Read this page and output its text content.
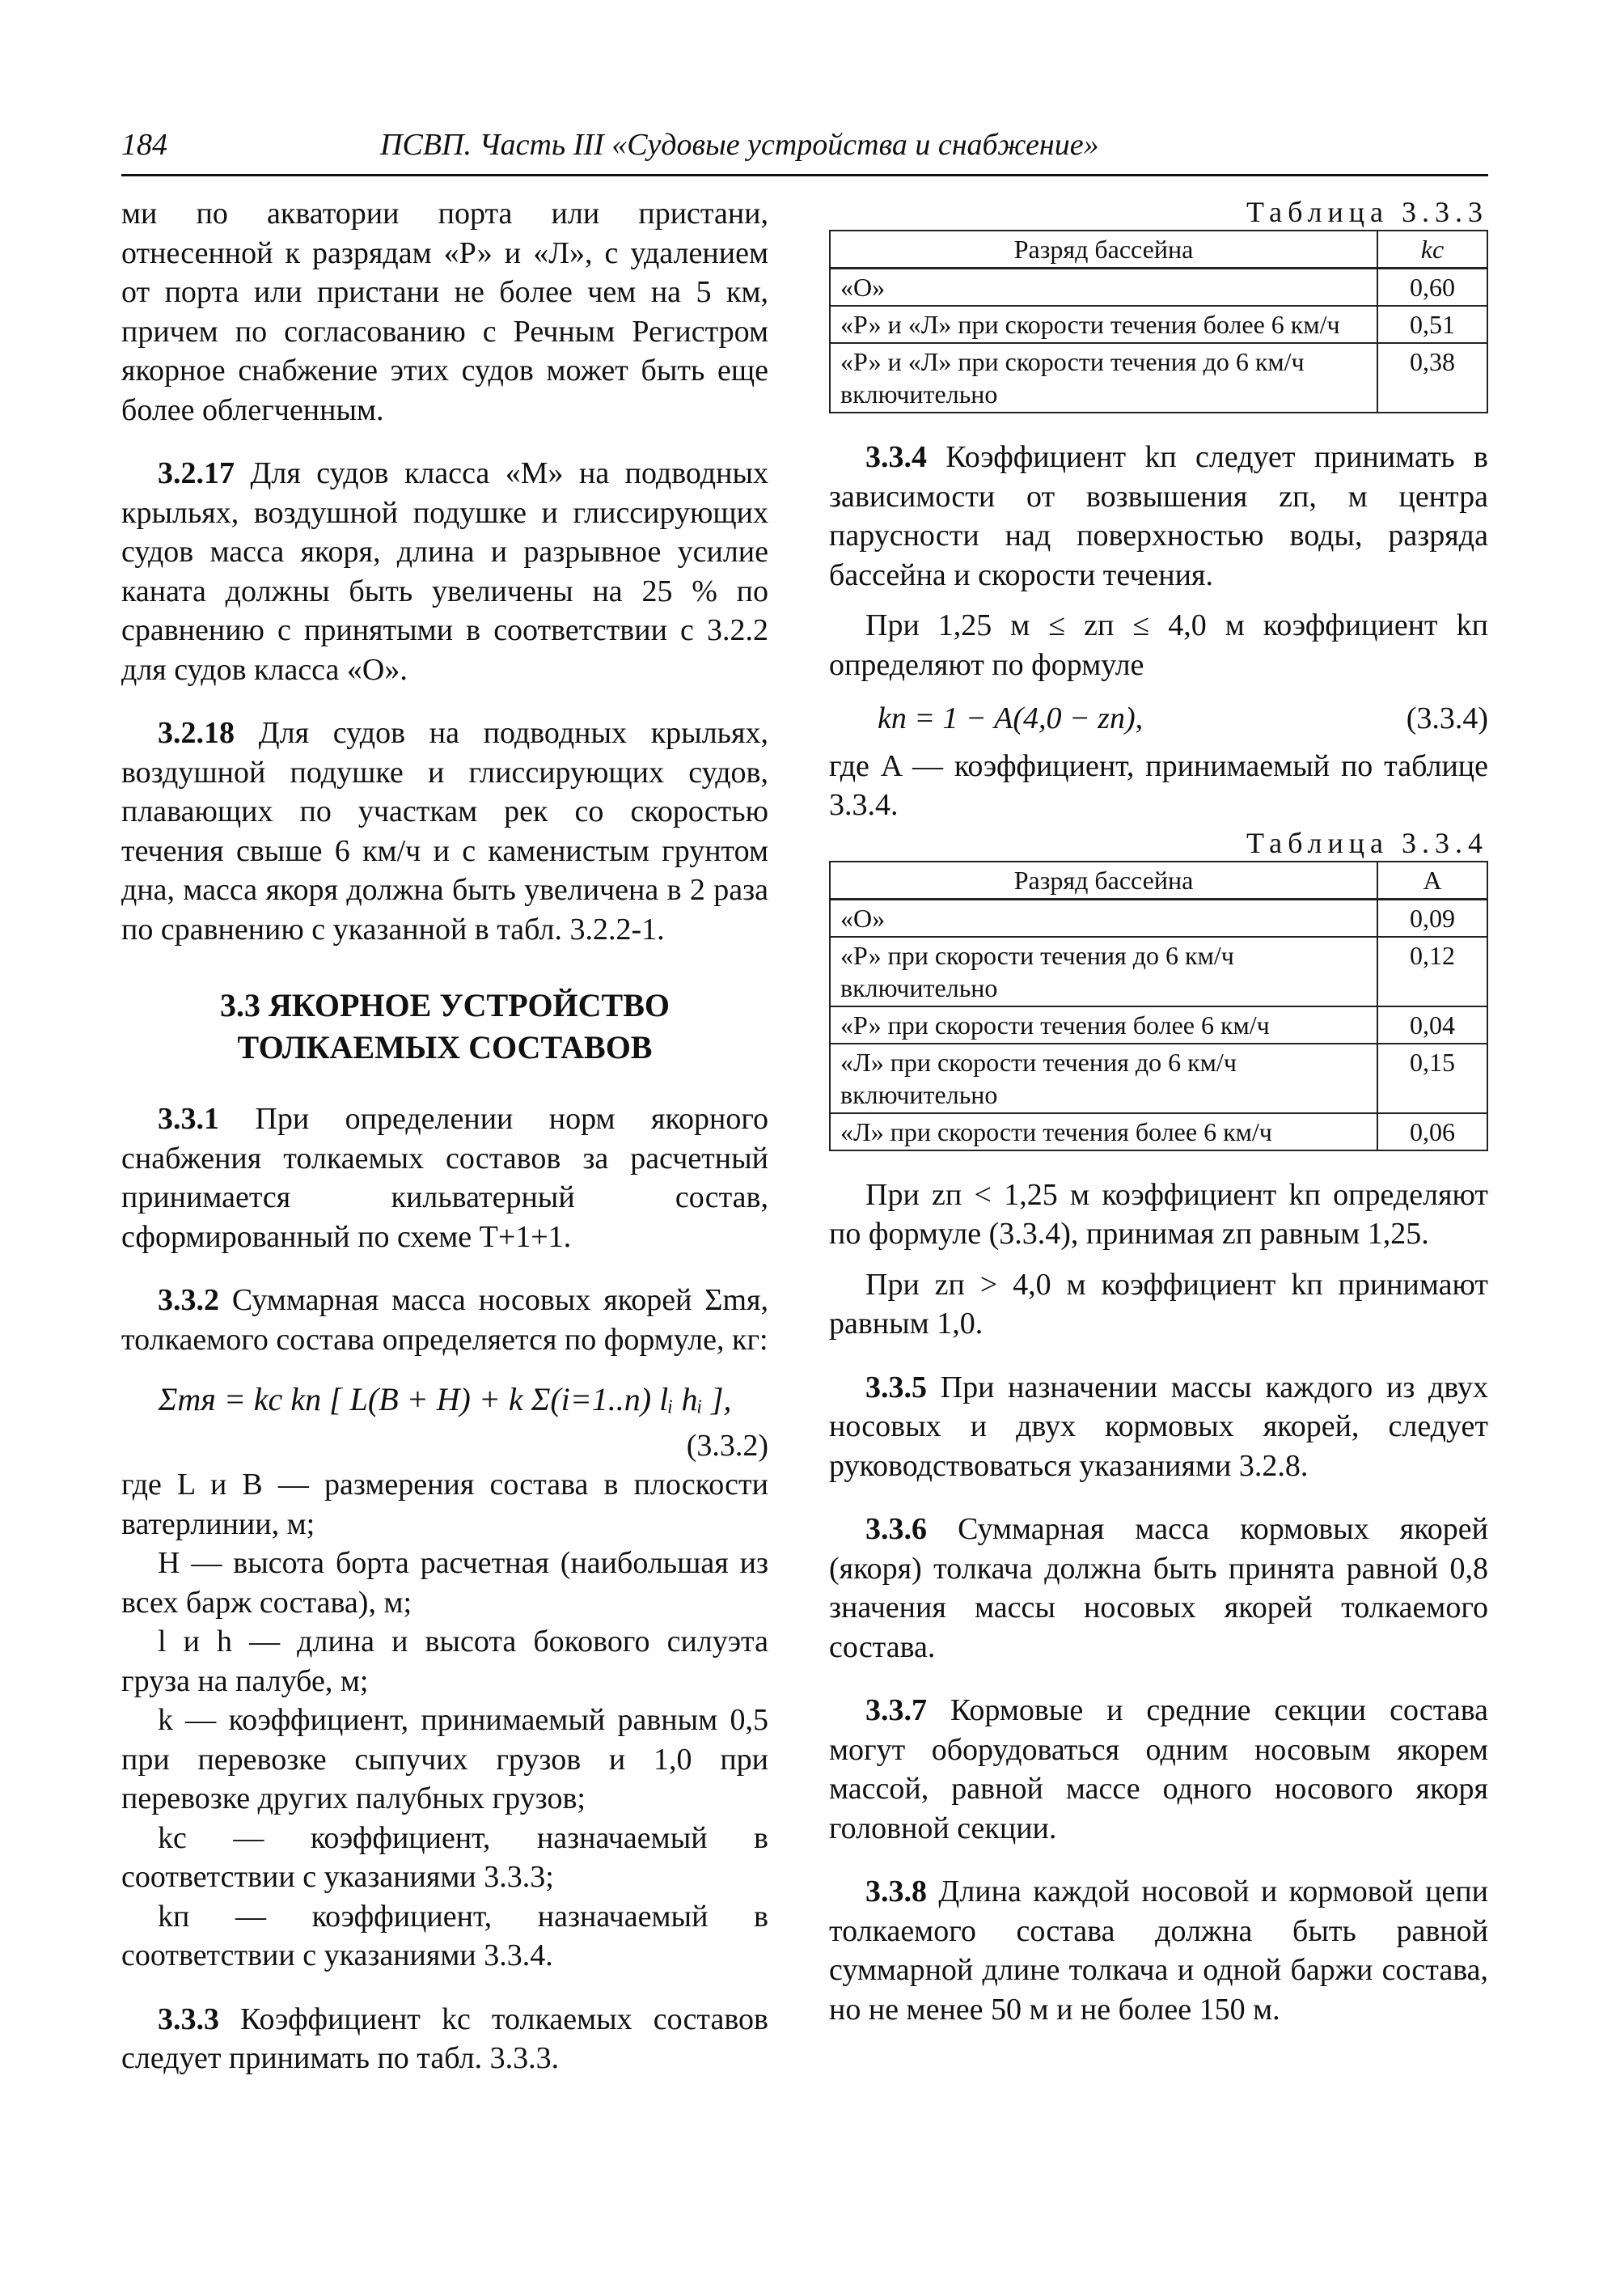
184	ПСВП. Часть III «Судовые устройства и снабжение»

ми по акватории порта или пристани, отнесенной к разрядам «Р» и «Л», с удалением от порта или пристани не более чем на 5 км, причем по согласованию с Речным Регистром якорное снабжение этих судов может быть еще более облегченным.

3.2.17 Для судов класса «М» на подводных крыльях, воздушной подушке и глиссирующих судов масса якоря, длина и разрывное усилие каната должны быть увеличены на 25 % по сравнению с принятыми в соответствии с 3.2.2 для судов класса «О».

3.2.18 Для судов на подводных крыльях, воздушной подушке и глиссирующих судов, плавающих по участкам рек со скоростью течения свыше 6 км/ч и с каменистым грунтом дна, масса якоря должна быть увеличена в 2 раза по сравнению с указанной в табл. 3.2.2-1.

3.3 ЯКОРНОЕ УСТРОЙСТВО
ТОЛКАЕМЫХ СОСТАВОВ

3.3.1 При определении норм якорного снабжения толкаемых составов за расчетный принимается кильватерный состав, сформированный по схеме Т+1+1.

3.3.2 Суммарная масса носовых якорей Σmя, толкаемого состава определяется по формуле, кг:

Σmя = kс kп [ L(B + H) + k Σ(i=1..n) lᵢ hᵢ ],

(3.3.2)

где L и B — размерения состава в плоскости ватерлинии, м;

H — высота борта расчетная (наибольшая из всех барж состава), м;

l и h — длина и высота бокового силуэта груза на палубе, м;

k — коэффициент, принимаемый равным 0,5 при перевозке сыпучих грузов и 1,0 при перевозке других палубных грузов;

kс — коэффициент, назначаемый в соответствии с указаниями 3.3.3;

kп — коэффициент, назначаемый в соответствии с указаниями 3.3.4.

3.3.3 Коэффициент kс толкаемых составов следует принимать по табл. 3.3.3.

Таблица 3.3.3
Разряд бассейна	kс
«О»	0,60
«Р» и «Л» при скорости течения более 6 км/ч	0,51
«Р» и «Л» при скорости течения до 6 км/ч включительно	0,38

3.3.4 Коэффициент kп следует принимать в зависимости от возвышения zп, м центра парусности над поверхностью воды, разряда бассейна и скорости течения.

При 1,25 м ≤ zп ≤ 4,0 м коэффициент kп определяют по формуле

kп = 1 − A(4,0 − zп),	(3.3.4)

где A — коэффициент, принимаемый по таблице 3.3.4.

Таблица 3.3.4
Разряд бассейна	A
«О»	0,09
«Р» при скорости течения до 6 км/ч включительно	0,12
«Р» при скорости течения более 6 км/ч	0,04
«Л» при скорости течения до 6 км/ч включительно	0,15
«Л» при скорости течения более 6 км/ч	0,06

При zп < 1,25 м коэффициент kп определяют по формуле (3.3.4), принимая zп равным 1,25.

При zп > 4,0 м коэффициент kп принимают равным 1,0.

3.3.5 При назначении массы каждого из двух носовых и двух кормовых якорей, следует руководствоваться указаниями 3.2.8.

3.3.6 Суммарная масса кормовых якорей (якоря) толкача должна быть принята равной 0,8 значения массы носовых якорей толкаемого состава.

3.3.7 Кормовые и средние секции состава могут оборудоваться одним носовым якорем массой, равной массе одного носового якоря головной секции.

3.3.8 Длина каждой носовой и кормовой цепи толкаемого состава должна быть равной суммарной длине толкача и одной баржи состава, но не менее 50 м и не более 150 м.
